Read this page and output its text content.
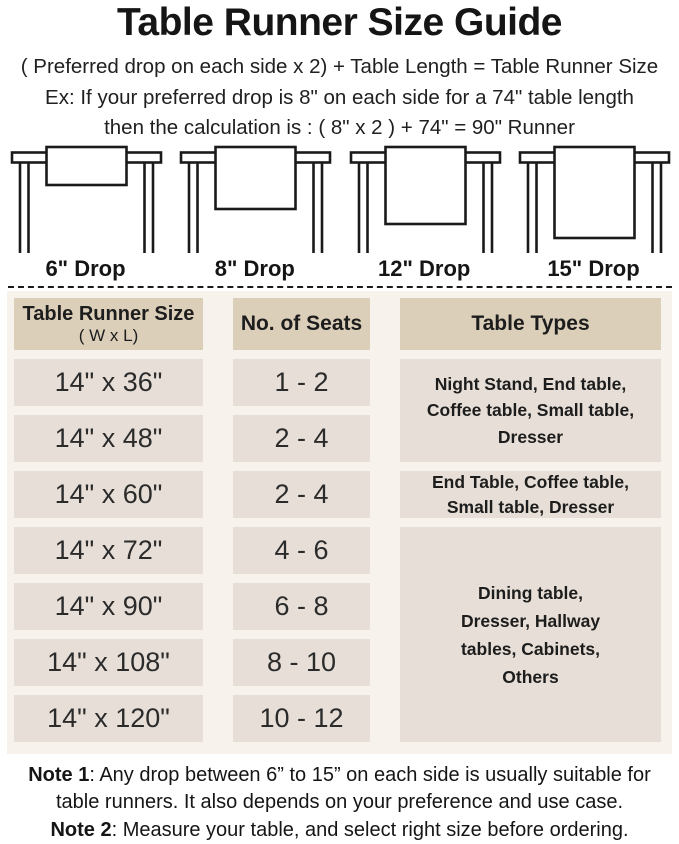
Table Runner Size Guide
( Preferred drop on each side x 2) + Table Length = Table Runner Size
Ex: If your preferred drop is 8" on each side for a 74" table length
then the calculation is : ( 8" x 2 ) + 74" = 90" Runner
6" Drop	8" Drop	12" Drop	15" Drop
Table Runner Size
( W x L)
No. of Seats	Table Types
14" x 36"	1 - 2	Night Stand, End table, Coffee table, Small table, Dresser
14" x 48"	2 - 4
14" x 60"	2 - 4	End Table, Coffee table, Small table, Dresser
14" x 72"	4 - 6
Dining table, Dresser, Hallway tables, Cabinets, Others
14" x 90"	6 - 8
14" x 108"	8 - 10
14" x 120"	10 - 12

Note 1: Any drop between 6” to 15” on each side is usually suitable for table runners. It also depends on your preference and use case.

Note 2: Measure your table, and select right size before ordering.
